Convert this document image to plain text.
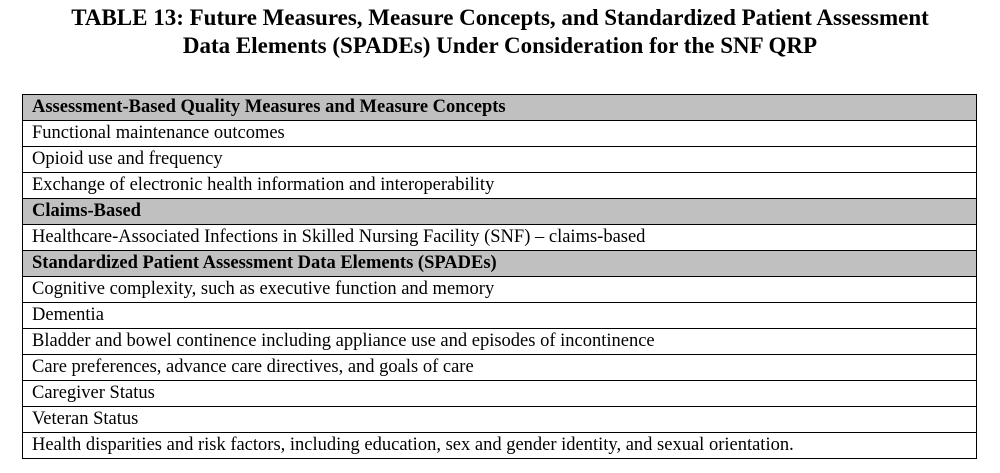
TABLE 13: Future Measures, Measure Concepts, and Standardized Patient Assessment
Data Elements (SPADEs) Under Consideration for the SNF QRP
Assessment-Based Quality Measures and Measure Concepts
Functional maintenance outcomes
Opioid use and frequency
Exchange of electronic health information and interoperability
Claims-Based
Healthcare-Associated Infections in Skilled Nursing Facility (SNF) – claims-based
Standardized Patient Assessment Data Elements (SPADEs)
Cognitive complexity, such as executive function and memory
Dementia
Bladder and bowel continence including appliance use and episodes of incontinence
Care preferences, advance care directives, and goals of care
Caregiver Status
Veteran Status
Health disparities and risk factors, including education, sex and gender identity, and sexual orientation.
